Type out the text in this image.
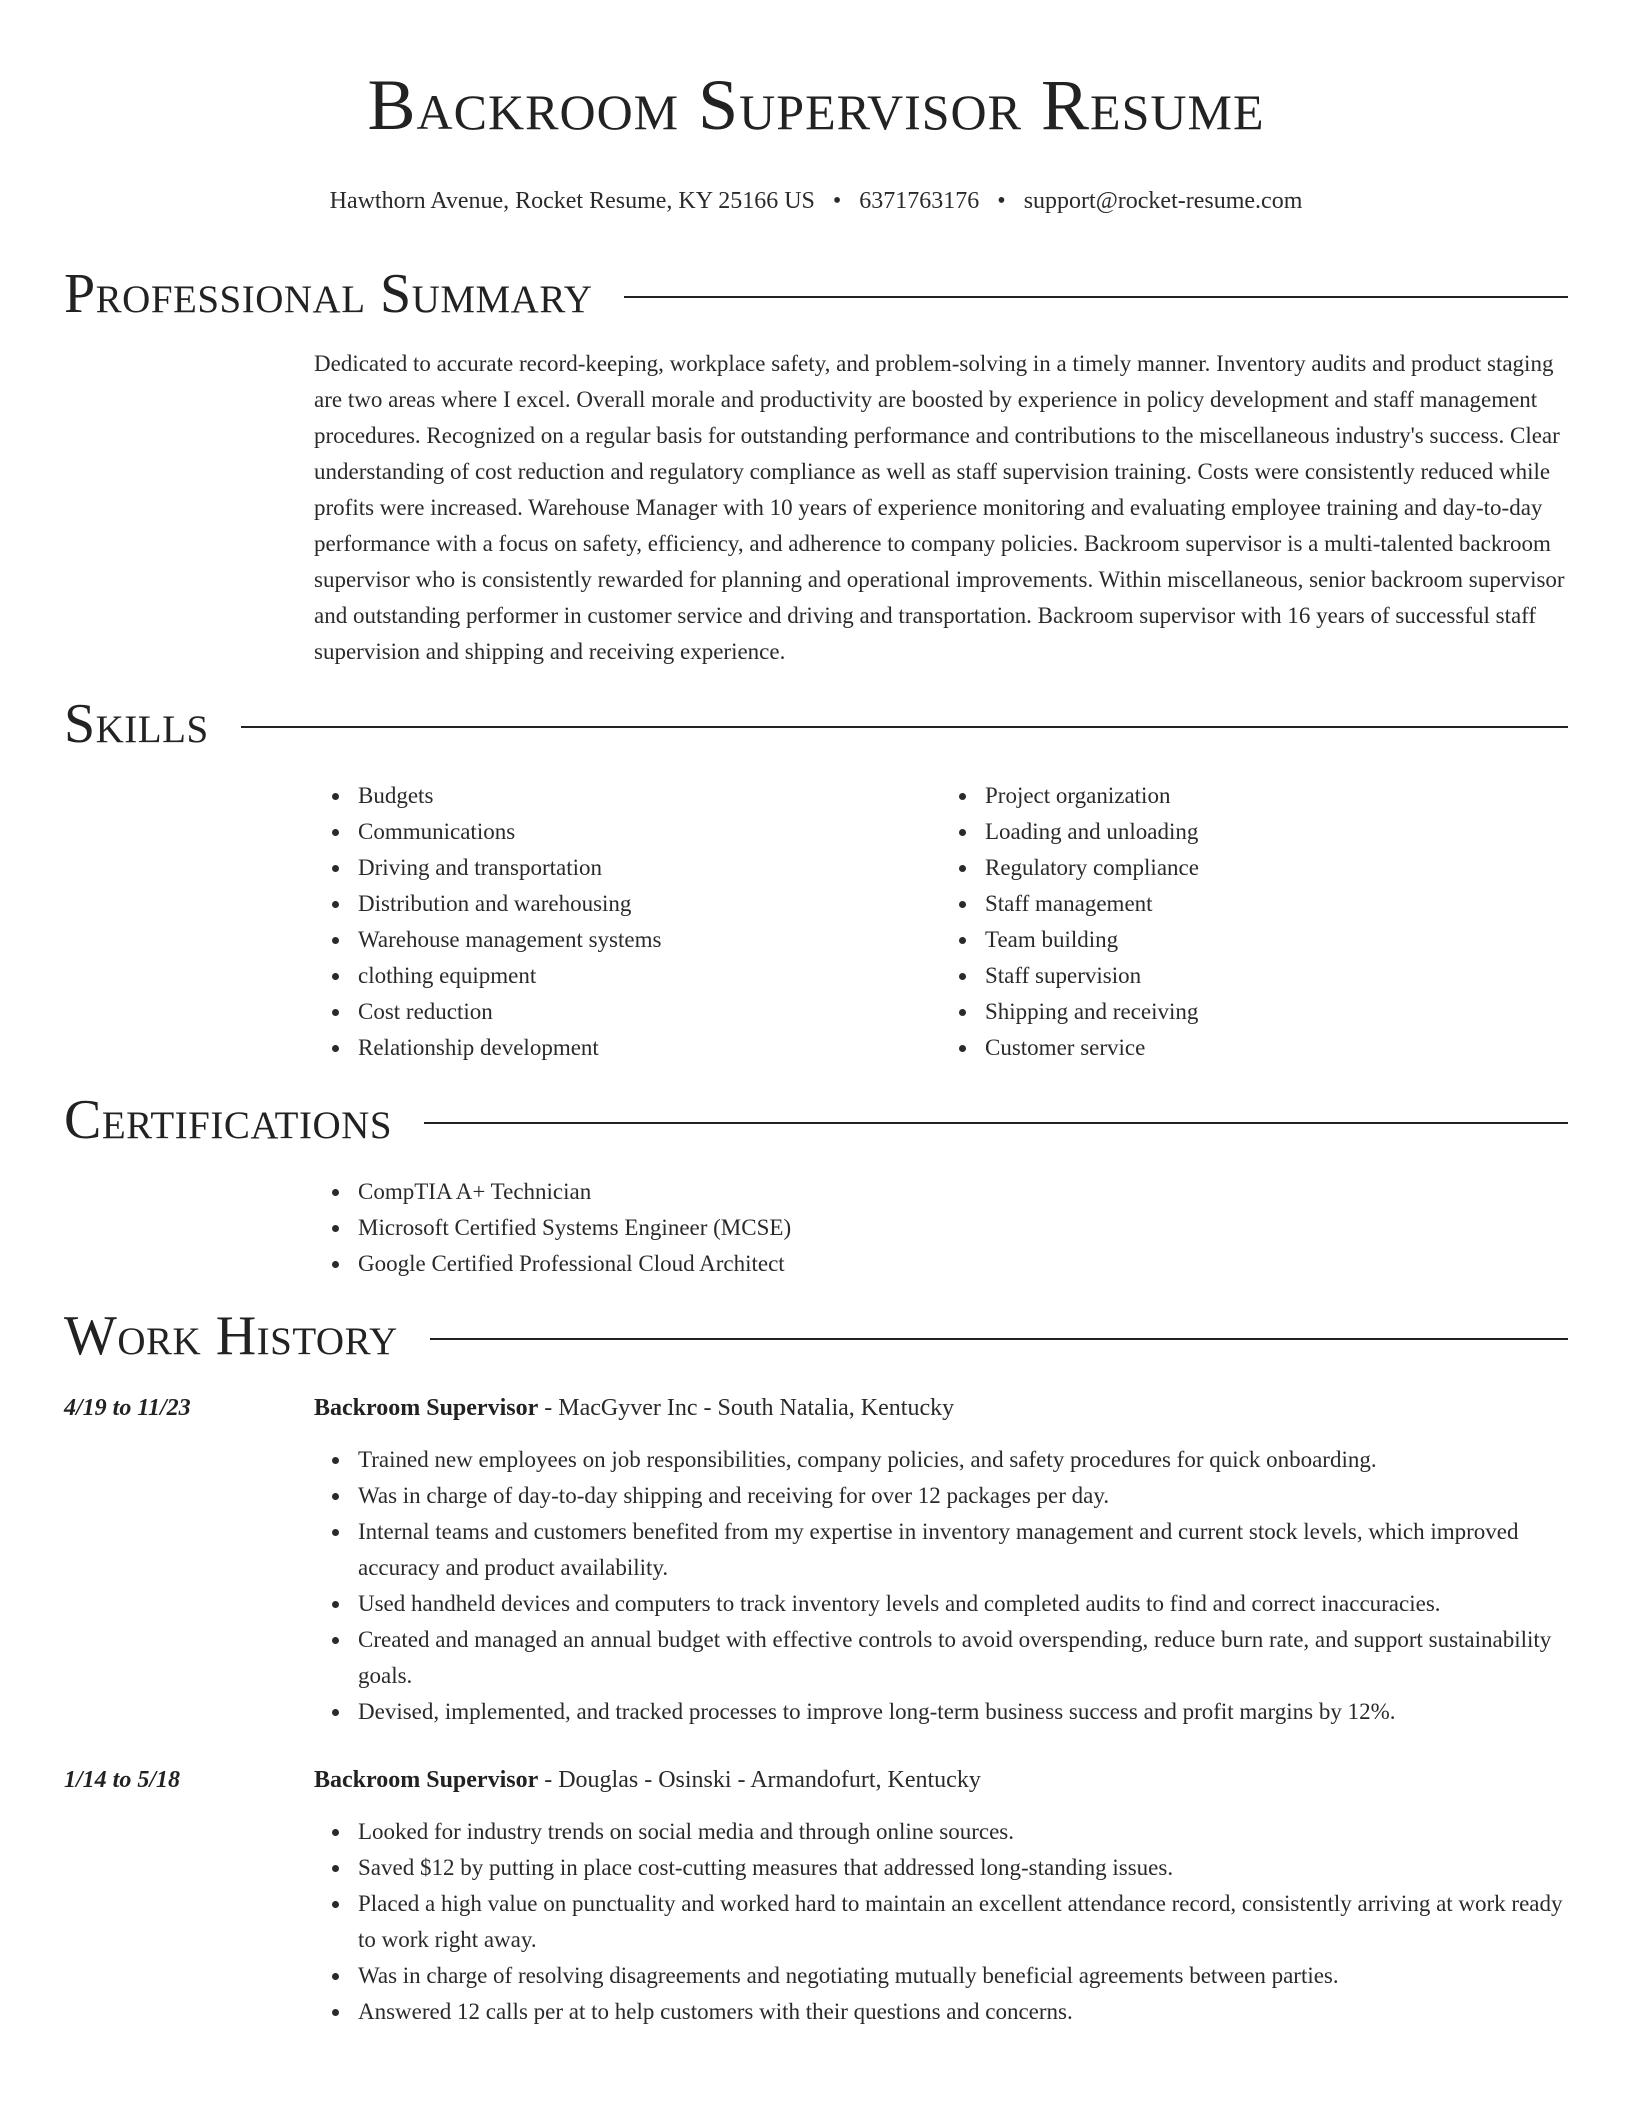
Backroom Supervisor Resume
Hawthorn Avenue, Rocket Resume, KY 25166 US • 6371763176 • support@rocket-resume.com
Professional Summary

Dedicated to accurate record-keeping, workplace safety, and problem-solving in a timely manner. Inventory audits and product staging are two areas where I excel. Overall morale and productivity are boosted by experience in policy development and staff management procedures. Recognized on a regular basis for outstanding performance and contributions to the miscellaneous industry's success. Clear understanding of cost reduction and regulatory compliance as well as staff supervision training. Costs were consistently reduced while profits were increased. Warehouse Manager with 10 years of experience monitoring and evaluating employee training and day-to-day performance with a focus on safety, efficiency, and adherence to company policies. Backroom supervisor is a multi-talented backroom supervisor who is consistently rewarded for planning and operational improvements. Within miscellaneous, senior backroom supervisor and outstanding performer in customer service and driving and transportation. Backroom supervisor with 16 years of successful staff supervision and shipping and receiving experience.

Skills
Budgets
Communications
Driving and transportation
Distribution and warehousing
Warehouse management systems
clothing equipment
Cost reduction
Relationship development
Project organization
Loading and unloading
Regulatory compliance
Staff management
Team building
Staff supervision
Shipping and receiving
Customer service
Certifications
CompTIA A+ Technician
Microsoft Certified Systems Engineer (MCSE)
Google Certified Professional Cloud Architect
Work History
4/19 to 11/23	Backroom Supervisor - MacGyver Inc - South Natalia, Kentucky
Trained new employees on job responsibilities, company policies, and safety procedures for quick onboarding.
Was in charge of day-to-day shipping and receiving for over 12 packages per day.
Internal teams and customers benefited from my expertise in inventory management and current stock levels, which improved accuracy and product availability.
Used handheld devices and computers to track inventory levels and completed audits to find and correct inaccuracies.
Created and managed an annual budget with effective controls to avoid overspending, reduce burn rate, and support sustainability goals.
Devised, implemented, and tracked processes to improve long-term business success and profit margins by 12%.
1/14 to 5/18	Backroom Supervisor - Douglas - Osinski - Armandofurt, Kentucky
Looked for industry trends on social media and through online sources.
Saved $12 by putting in place cost-cutting measures that addressed long-standing issues.
Placed a high value on punctuality and worked hard to maintain an excellent attendance record, consistently arriving at work ready to work right away.
Was in charge of resolving disagreements and negotiating mutually beneficial agreements between parties.
Answered 12 calls per at to help customers with their questions and concerns.
